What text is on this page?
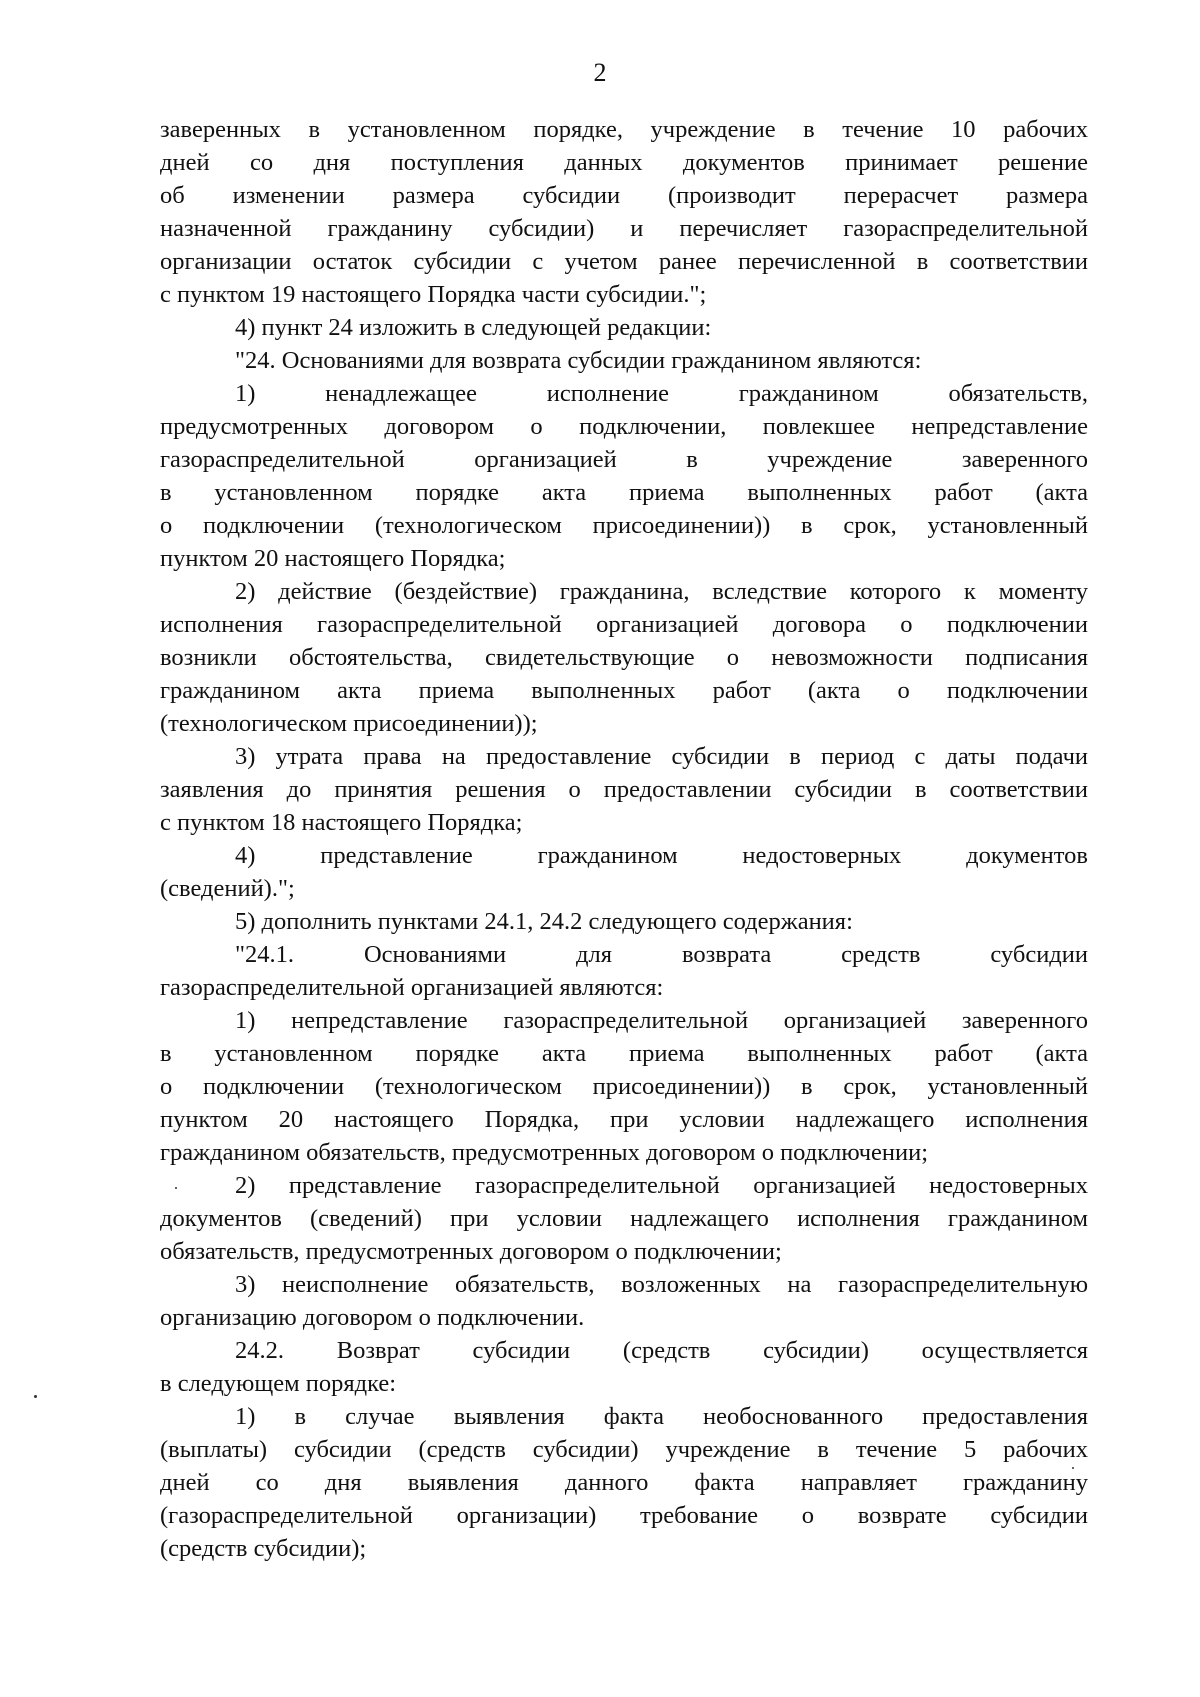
2
заверенных в установленном порядке, учреждение в течение 10 рабочих
дней со дня поступления данных документов принимает решение
об изменении размера субсидии (производит перерасчет размера
назначенной гражданину субсидии) и перечисляет газораспределительной
организации остаток субсидии с учетом ранее перечисленной в соответствии
с пунктом 19 настоящего Порядка части субсидии.";
4) пункт 24 изложить в следующей редакции:
"24. Основаниями для возврата субсидии гражданином являются:
1) ненадлежащее исполнение гражданином обязательств,
предусмотренных договором о подключении, повлекшее непредставление
газораспределительной организацией в учреждение заверенного
в установленном порядке акта приема выполненных работ (акта
о подключении (технологическом присоединении)) в срок, установленный
пунктом 20 настоящего Порядка;
2) действие (бездействие) гражданина, вследствие которого к моменту
исполнения газораспределительной организацией договора о подключении
возникли обстоятельства, свидетельствующие о невозможности подписания
гражданином акта приема выполненных работ (акта о подключении
(технологическом присоединении));
3) утрата права на предоставление субсидии в период с даты подачи
заявления до принятия решения о предоставлении субсидии в соответствии
с пунктом 18 настоящего Порядка;
4) представление гражданином недостоверных документов
(сведений).";
5) дополнить пунктами 24.1, 24.2 следующего содержания:
"24.1. Основаниями для возврата средств субсидии
газораспределительной организацией являются:
1) непредставление газораспределительной организацией заверенного
в установленном порядке акта приема выполненных работ (акта
о подключении (технологическом присоединении)) в срок, установленный
пунктом 20 настоящего Порядка, при условии надлежащего исполнения
гражданином обязательств, предусмотренных договором о подключении;
2) представление газораспределительной организацией недостоверных
документов (сведений) при условии надлежащего исполнения гражданином
обязательств, предусмотренных договором о подключении;
3) неисполнение обязательств, возложенных на газораспределительную
организацию договором о подключении.
24.2. Возврат субсидии (средств субсидии) осуществляется
в следующем порядке:
1) в случае выявления факта необоснованного предоставления
(выплаты) субсидии (средств субсидии) учреждение в течение 5 рабочих
дней со дня выявления данного факта направляет гражданину
(газораспределительной организации) требование о возврате субсидии
(средств субсидии);
